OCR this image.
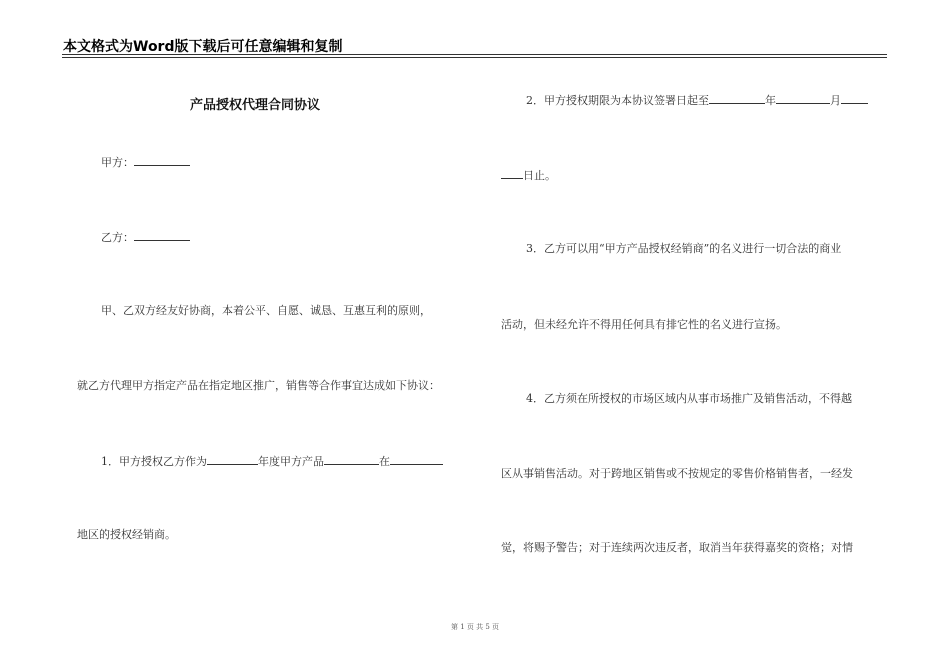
本文格式为Word版下载后可任意编辑和复制
产品授权代理合同协议
甲方：
乙方：
甲、乙双方经友好协商，本着公平、自愿、诚恳、互惠互利的原则，
就乙方代理甲方指定产品在指定地区推广，销售等合作事宜达成如下协议：
1．甲方授权乙方作为	年度甲方产品	在
地区的授权经销商。
2．甲方授权期限为本协议签署日起至	年	月
日止。
3．乙方可以用“甲方产品授权经销商”的名义进行一切合法的商业
活动，但未经允许不得用任何具有排它性的名义进行宣扬。
4．乙方须在所授权的市场区域内从事市场推广及销售活动，不得越
区从事销售活动。对于跨地区销售或不按规定的零售价格销售者，一经发
觉，将赐予警告；对于连续两次违反者，取消当年获得嘉奖的资格；对情
第 1 页 共 5 页
